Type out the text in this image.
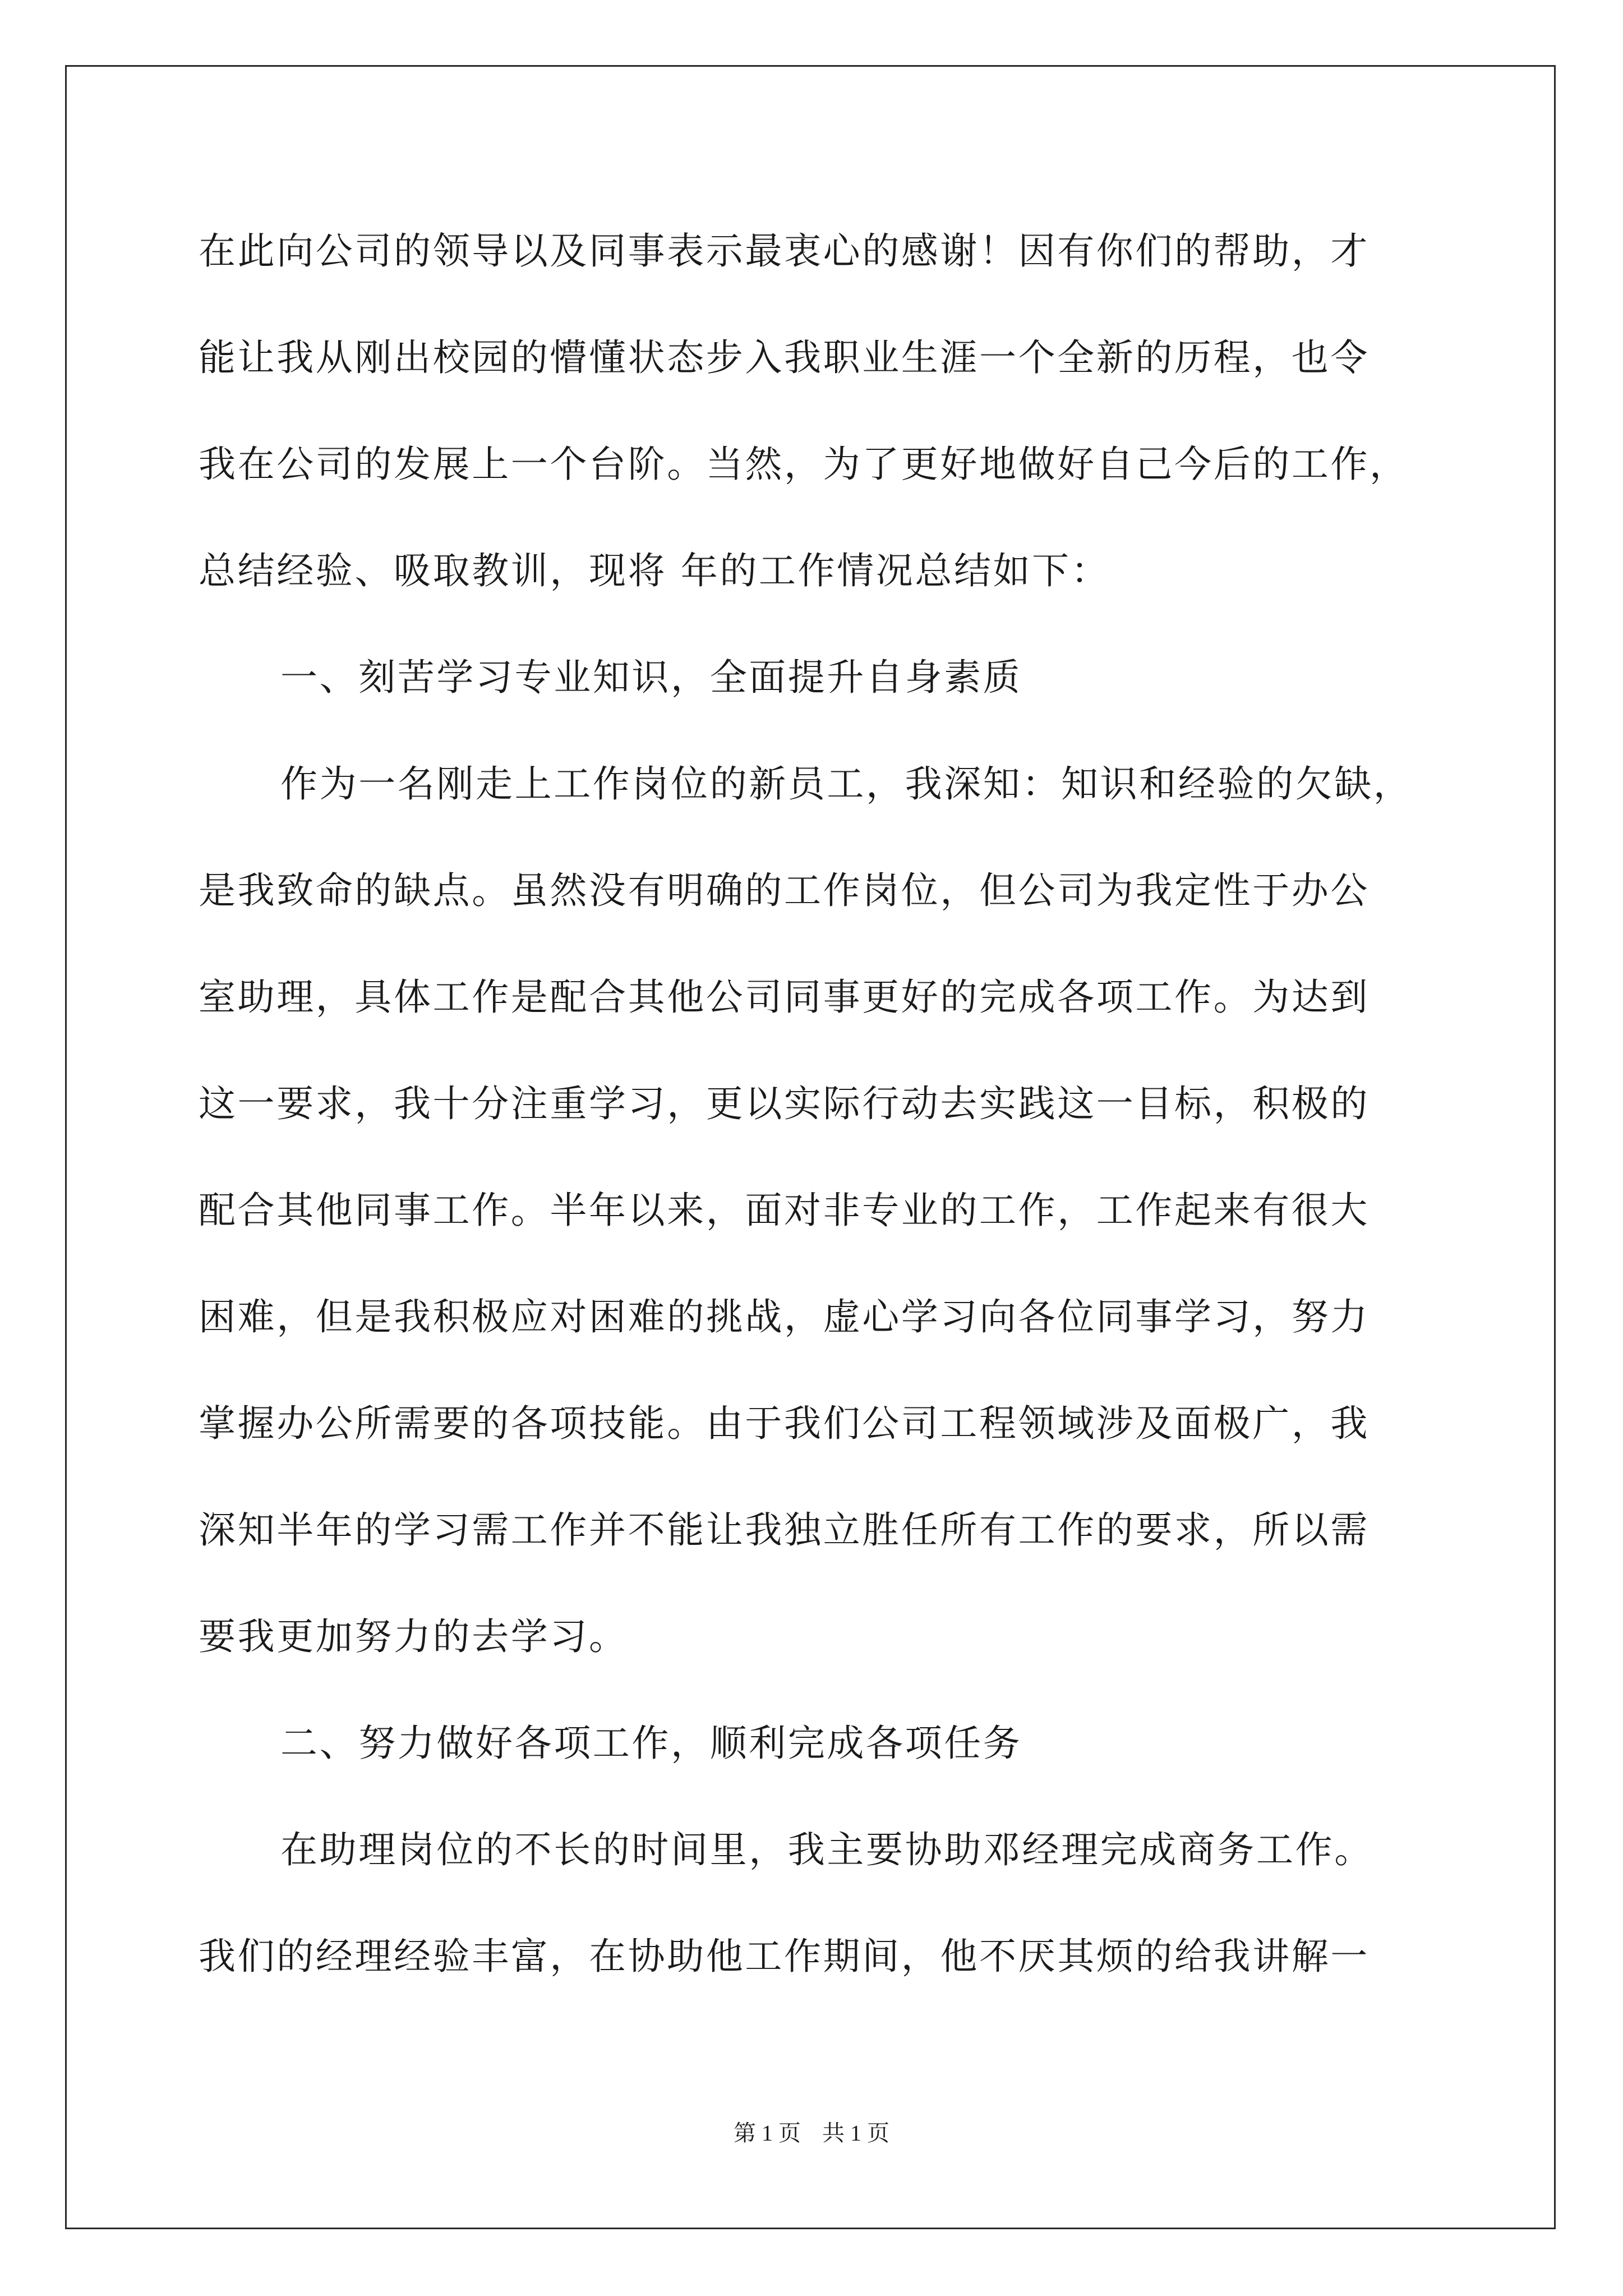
在此向公司的领导以及同事表示最衷心的感谢！因有你们的帮助，才
能让我从刚出校园的懵懂状态步入我职业生涯一个全新的历程，也令
我在公司的发展上一个台阶。当然，为了更好地做好自己今后的工作，
总结经验、吸取教训，现将 年的工作情况总结如下：
一、刻苦学习专业知识，全面提升自身素质
作为一名刚走上工作岗位的新员工，我深知：知识和经验的欠缺，
是我致命的缺点。虽然没有明确的工作岗位，但公司为我定性于办公
室助理，具体工作是配合其他公司同事更好的完成各项工作。为达到
这一要求，我十分注重学习，更以实际行动去实践这一目标，积极的
配合其他同事工作。半年以来，面对非专业的工作，工作起来有很大
困难，但是我积极应对困难的挑战，虚心学习向各位同事学习，努力
掌握办公所需要的各项技能。由于我们公司工程领域涉及面极广，我
深知半年的学习需工作并不能让我独立胜任所有工作的要求，所以需
要我更加努力的去学习。
二、努力做好各项工作，顺利完成各项任务
在助理岗位的不长的时间里，我主要协助邓经理完成商务工作。
我们的经理经验丰富，在协助他工作期间，他不厌其烦的给我讲解一
第 1 页 共 1 页
